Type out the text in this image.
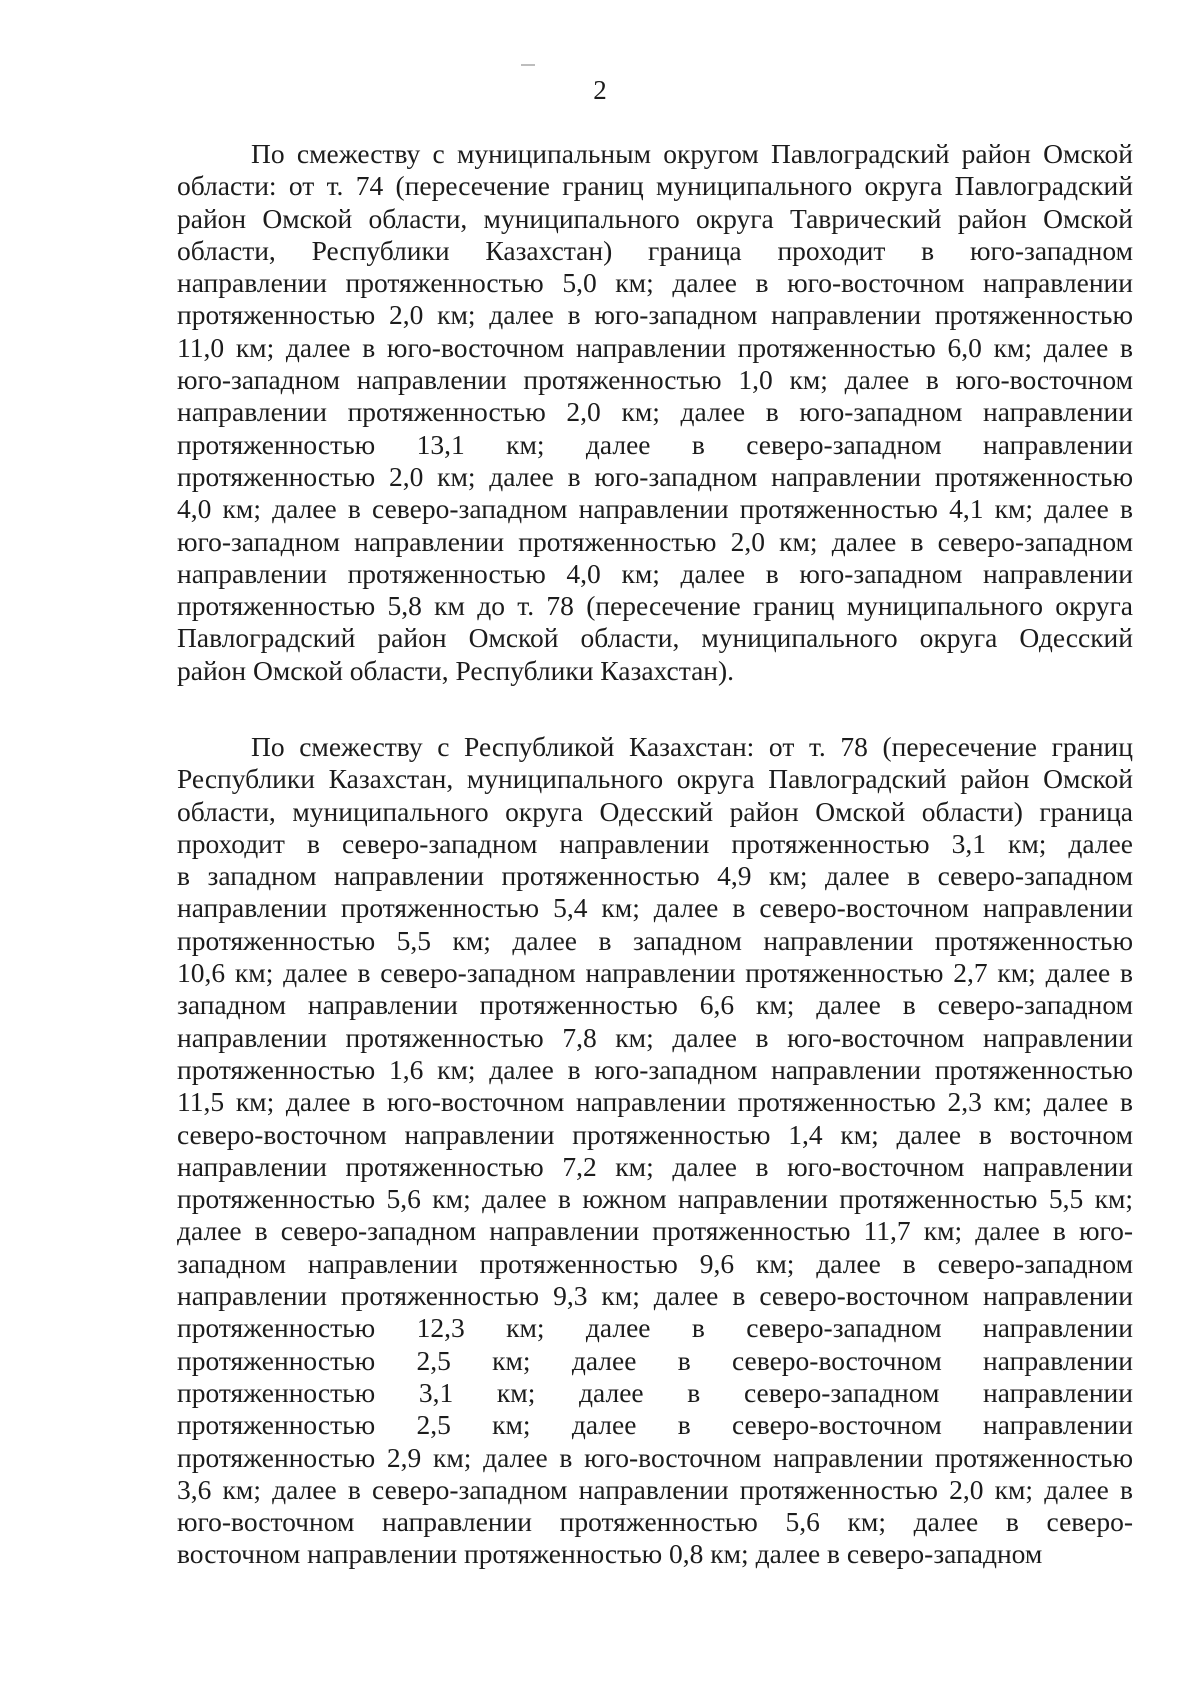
2
По смежеству с муниципальным округом Павлоградский район Омской
области: от т. 74 (пересечение границ муниципального округа Павлоградский
район Омской области, муниципального округа Таврический район Омской
области, Республики Казахстан) граница проходит в юго-западном
направлении протяженностью 5,0 км; далее в юго-восточном направлении
протяженностью 2,0 км; далее в юго-западном направлении протяженностью
11,0 км; далее в юго-восточном направлении протяженностью 6,0 км; далее в
юго-западном направлении протяженностью 1,0 км; далее в юго-восточном
направлении протяженностью 2,0 км; далее в юго-западном направлении
протяженностью 13,1 км; далее в северо-западном направлении
протяженностью 2,0 км; далее в юго-западном направлении протяженностью
4,0 км; далее в северо-западном направлении протяженностью 4,1 км; далее в
юго-западном направлении протяженностью 2,0 км; далее в северо-западном
направлении протяженностью 4,0 км; далее в юго-западном направлении
протяженностью 5,8 км до т. 78 (пересечение границ муниципального округа
Павлоградский район Омской области, муниципального округа Одесский
район Омской области, Республики Казахстан).
По смежеству с Республикой Казахстан: от т. 78 (пересечение границ
Республики Казахстан, муниципального округа Павлоградский район Омской
области, муниципального округа Одесский район Омской области) граница
проходит в северо-западном направлении протяженностью 3,1 км; далее
в западном направлении протяженностью 4,9 км; далее в северо-западном
направлении протяженностью 5,4 км; далее в северо-восточном направлении
протяженностью 5,5 км; далее в западном направлении протяженностью
10,6 км; далее в северо-западном направлении протяженностью 2,7 км; далее в
западном направлении протяженностью 6,6 км; далее в северо-западном
направлении протяженностью 7,8 км; далее в юго-восточном направлении
протяженностью 1,6 км; далее в юго-западном направлении протяженностью
11,5 км; далее в юго-восточном направлении протяженностью 2,3 км; далее в
северо-восточном направлении протяженностью 1,4 км; далее в восточном
направлении протяженностью 7,2 км; далее в юго-восточном направлении
протяженностью 5,6 км; далее в южном направлении протяженностью 5,5 км;
далее в северо-западном направлении протяженностью 11,7 км; далее в юго-
западном направлении протяженностью 9,6 км; далее в северо-западном
направлении протяженностью 9,3 км; далее в северо-восточном направлении
протяженностью 12,3 км; далее в северо-западном направлении
протяженностью 2,5 км; далее в северо-восточном направлении
протяженностью 3,1 км; далее в северо-западном направлении
протяженностью 2,5 км; далее в северо-восточном направлении
протяженностью 2,9 км; далее в юго-восточном направлении протяженностью
3,6 км; далее в северо-западном направлении протяженностью 2,0 км; далее в
юго-восточном направлении протяженностью 5,6 км; далее в северо-
восточном направлении протяженностью 0,8 км; далее в северо-западном
